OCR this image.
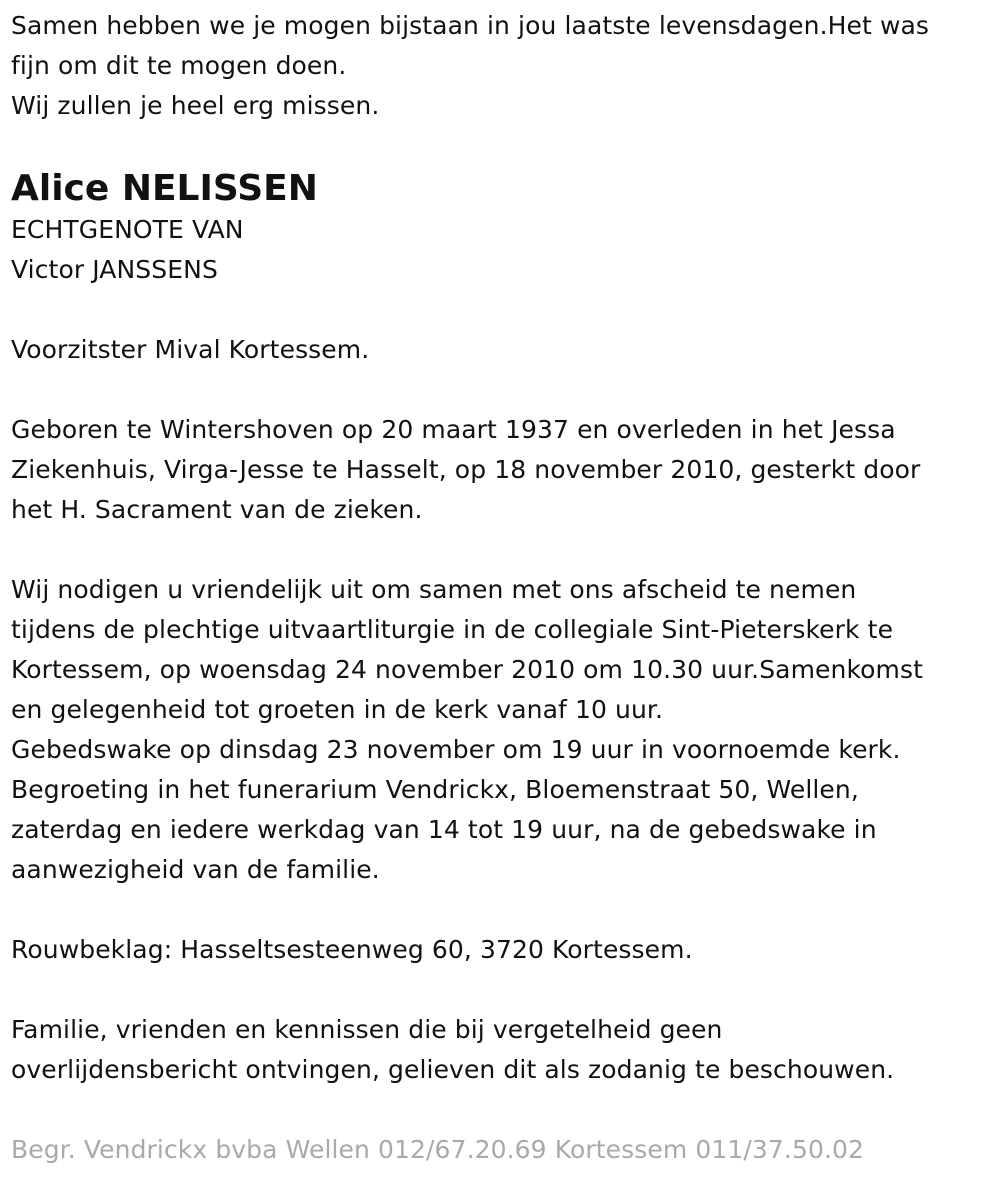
Samen hebben we je mogen bijstaan in jou laatste levensdagen.Het was
fijn om dit te mogen doen.
Wij zullen je heel erg missen.
Alice NELISSEN
ECHTGENOTE VAN
Victor JANSSENS
Voorzitster Mival Kortessem.
Geboren te Wintershoven op 20 maart 1937 en overleden in het Jessa
Ziekenhuis, Virga-Jesse te Hasselt, op 18 november 2010, gesterkt door
het H. Sacrament van de zieken.
Wij nodigen u vriendelijk uit om samen met ons afscheid te nemen
tijdens de plechtige uitvaartliturgie in de collegiale Sint-Pieterskerk te
Kortessem, op woensdag 24 november 2010 om 10.30 uur.Samenkomst
en gelegenheid tot groeten in de kerk vanaf 10 uur.
Gebedswake op dinsdag 23 november om 19 uur in voornoemde kerk.
Begroeting in het funerarium Vendrickx, Bloemenstraat 50, Wellen,
zaterdag en iedere werkdag van 14 tot 19 uur, na de gebedswake in
aanwezigheid van de familie.
Rouwbeklag: Hasseltsesteenweg 60, 3720 Kortessem.
Familie, vrienden en kennissen die bij vergetelheid geen
overlijdensbericht ontvingen, gelieven dit als zodanig te beschouwen.
Begr. Vendrickx bvba Wellen 012/67.20.69 Kortessem 011/37.50.02
